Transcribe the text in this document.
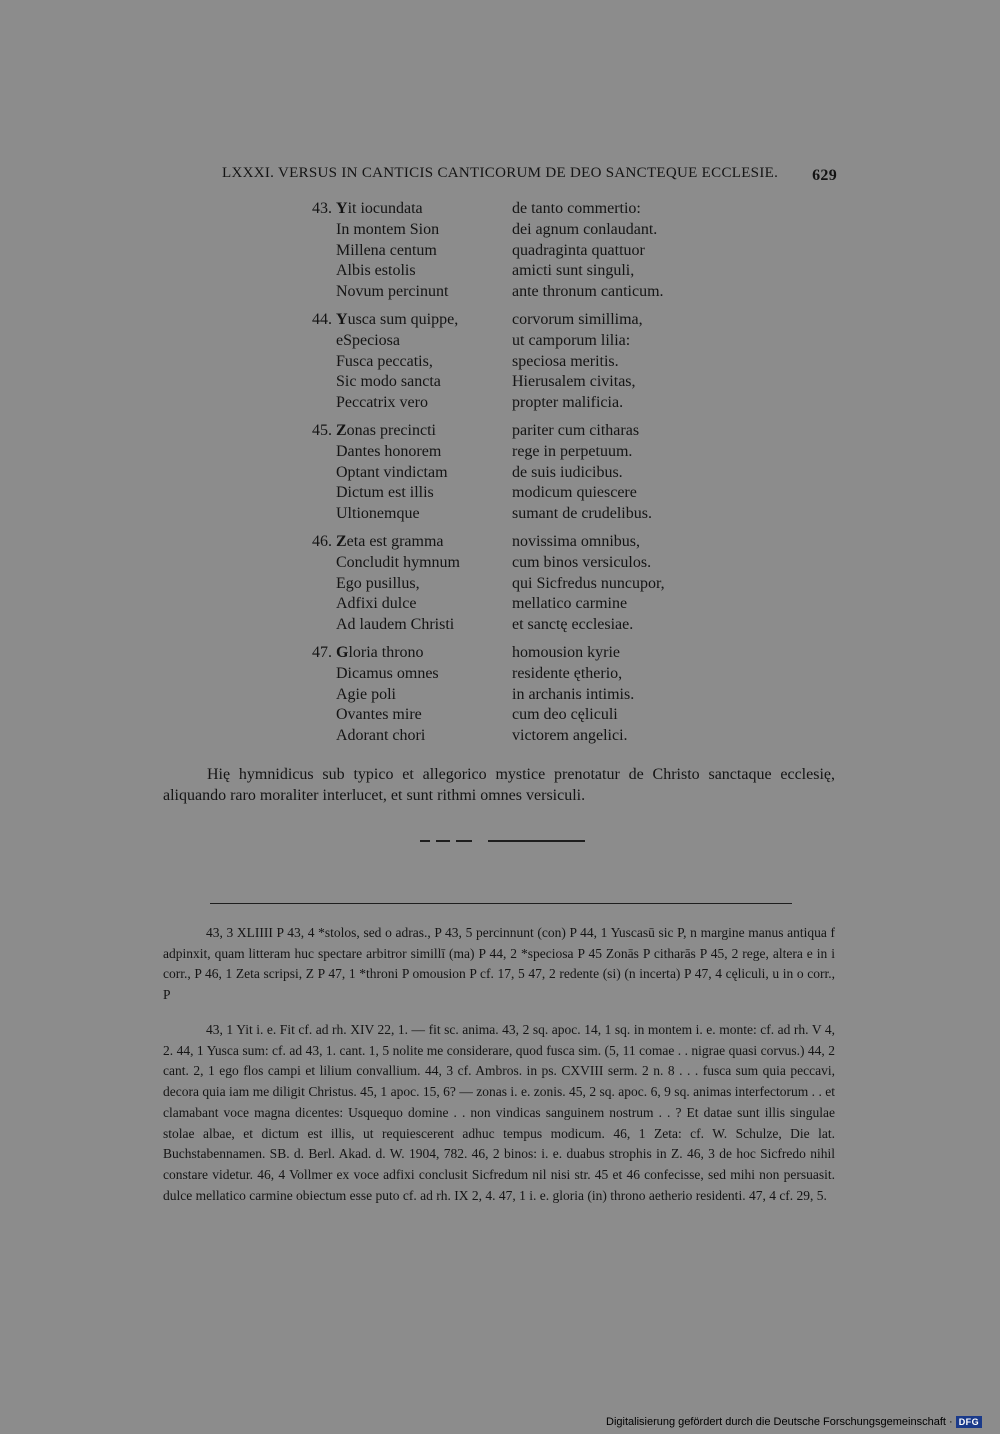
LXXXI. VERSUS IN CANTICIS CANTICORUM DE DEO SANCTEQUE ECCLESIE. 629
43. Yit iocundata	de tanto commertio:
In montem Sion	dei agnum conlaudant.
Millena centum	quadraginta quattuor
Albis estolis	amicti sunt singuli,
Novum percinunt	ante thronum canticum.
44. Yusca sum quippe,	corvorum simillima,
eSpeciosa	ut camporum lilia:
Fusca peccatis,	speciosa meritis.
Sic modo sancta	Hierusalem civitas,
Peccatrix vero	propter malificia.
45. Zonas precincti	pariter cum citharas
Dantes honorem	rege in perpetuum.
Optant vindictam	de suis iudicibus.
Dictum est illis	modicum quiescere
Ultionemque	sumant de crudelibus.
46. Zeta est gramma	novissima omnibus,
Concludit hymnum	cum binos versiculos.
Ego pusillus,	qui Sicfredus nuncupor,
Adfixi dulce	mellatico carmine
Ad laudem Christi	et sanctę ecclesiae.
47. Gloria throno	homousion kyrie
Dicamus omnes	residente ętherio,
Agie poli	in archanis intimis.
Ovantes mire	cum deo cęliculi
Adorant chori	victorem angelici.
Hię hymnidicus sub typico et allegorico mystice prenotatur de Christo sanctaque ecclesię, aliquando raro moraliter interlucet, et sunt rithmi omnes versiculi.

43, 3 XLIIII P 43, 4 *stolos, sed o adras., P 43, 5 percinnunt (con) P 44, 1 Yuscasū sic P, n margine manus antiqua f adpinxit, quam litteram huc spectare arbitror simillī (ma) P 44, 2 *speciosa P 45 Zonās P citharās P 45, 2 rege, altera e in i corr., P 46, 1 Zeta scripsi, Z P 47, 1 *throni P omousion P cf. 17, 5 47, 2 redente (si) (n incerta) P 47, 4 cęliculi, u in o corr., P

43, 1 Yit i. e. Fit cf. ad rh. XIV 22, 1. — fit sc. anima. 43, 2 sq. apoc. 14, 1 sq. in montem i. e. monte: cf. ad rh. V 4, 2. 44, 1 Yusca sum: cf. ad 43, 1. cant. 1, 5 nolite me considerare, quod fusca sim. (5, 11 comae . . nigrae quasi corvus.) 44, 2 cant. 2, 1 ego flos campi et lilium convallium. 44, 3 cf. Ambros. in ps. CXVIII serm. 2 n. 8 . . . fusca sum quia peccavi, decora quia iam me diligit Christus. 45, 1 apoc. 15, 6? — zonas i. e. zonis. 45, 2 sq. apoc. 6, 9 sq. animas interfectorum . . et clamabant voce magna dicentes: Usquequo domine . . non vindicas sanguinem nostrum . . ? Et datae sunt illis singulae stolae albae, et dictum est illis, ut requiescerent adhuc tempus modicum. 46, 1 Zeta: cf. W. Schulze, Die lat. Buchstabennamen. SB. d. Berl. Akad. d. W. 1904, 782. 46, 2 binos: i. e. duabus strophis in Z. 46, 3 de hoc Sicfredo nihil constare videtur. 46, 4 Vollmer ex voce adfixi conclusit Sicfredum nil nisi str. 45 et 46 confecisse, sed mihi non persuasit. dulce mellatico carmine obiectum esse puto cf. ad rh. IX 2, 4. 47, 1 i. e. gloria (in) throno aetherio residenti. 47, 4 cf. 29, 5.

Digitalisierung gefördert durch die Deutsche Forschungsgemeinschaft · DFG
